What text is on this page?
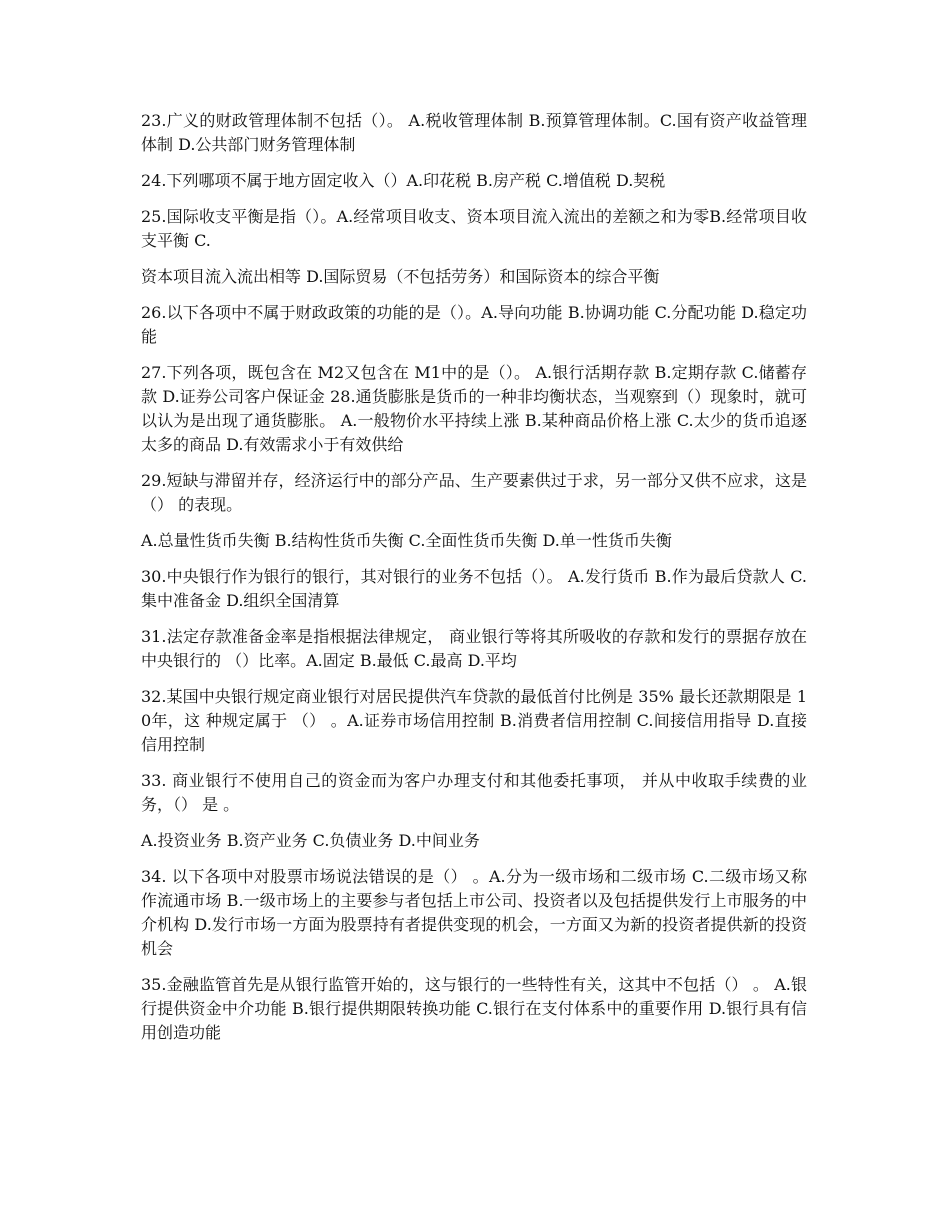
23.广义的财政管理体制不包括（）。 A.税收管理体制 B.预算管理体制。C.国有资产收益管理体制 D.公共部门财务管理体制

24.下列哪项不属于地方固定收入（）A.印花税 B.房产税 C.增值税 D.契税

25.国际收支平衡是指（）。A.经常项目收支、资本项目流入流出的差额之和为零B.经常项目收支平衡 C.

资本项目流入流出相等 D.国际贸易（不包括劳务）和国际资本的综合平衡

26.以下各项中不属于财政政策的功能的是（）。A.导向功能 B.协调功能 C.分配功能 D.稳定功能

27.下列各项，既包含在 M2又包含在 M1中的是（）。 A.银行活期存款 B.定期存款 C.储蓄存款 D.证券公司客户保证金 28.通货膨胀是货币的一种非均衡状态，当观察到（）现象时，就可以认为是出现了通货膨胀。 A.一般物价水平持续上涨 B.某种商品价格上涨 C.太少的货币追逐太多的商品 D.有效需求小于有效供给

29.短缺与滞留并存，经济运行中的部分产品、生产要素供过于求，另一部分又供不应求，这是（） 的表现。

A.总量性货币失衡 B.结构性货币失衡 C.全面性货币失衡 D.单一性货币失衡

30.中央银行作为银行的银行，其对银行的业务不包括（）。 A.发行货币 B.作为最后贷款人 C.集中准备金 D.组织全国清算

31.法定存款准备金率是指根据法律规定， 商业银行等将其所吸收的存款和发行的票据存放在中央银行的 （）比率。A.固定 B.最低 C.最高 D.平均

32.某国中央银行规定商业银行对居民提供汽车贷款的最低首付比例是 35% 最长还款期限是 10年，这 种规定属于 （） 。A.证券市场信用控制 B.消费者信用控制 C.间接信用指导 D.直接信用控制

33. 商业银行不使用自己的资金而为客户办理支付和其他委托事项， 并从中收取手续费的业务，（） 是 。

A.投资业务 B.资产业务 C.负债业务 D.中间业务

34. 以下各项中对股票市场说法错误的是（） 。A.分为一级市场和二级市场 C.二级市场又称作流通市场 B.一级市场上的主要参与者包括上市公司、投资者以及包括提供发行上市服务的中介机构 D.发行市场一方面为股票持有者提供变现的机会，一方面又为新的投资者提供新的投资机会

35.金融监管首先是从银行监管开始的，这与银行的一些特性有关，这其中不包括（） 。 A.银行提供资金中介功能 B.银行提供期限转换功能 C.银行在支付体系中的重要作用 D.银行具有信用创造功能
